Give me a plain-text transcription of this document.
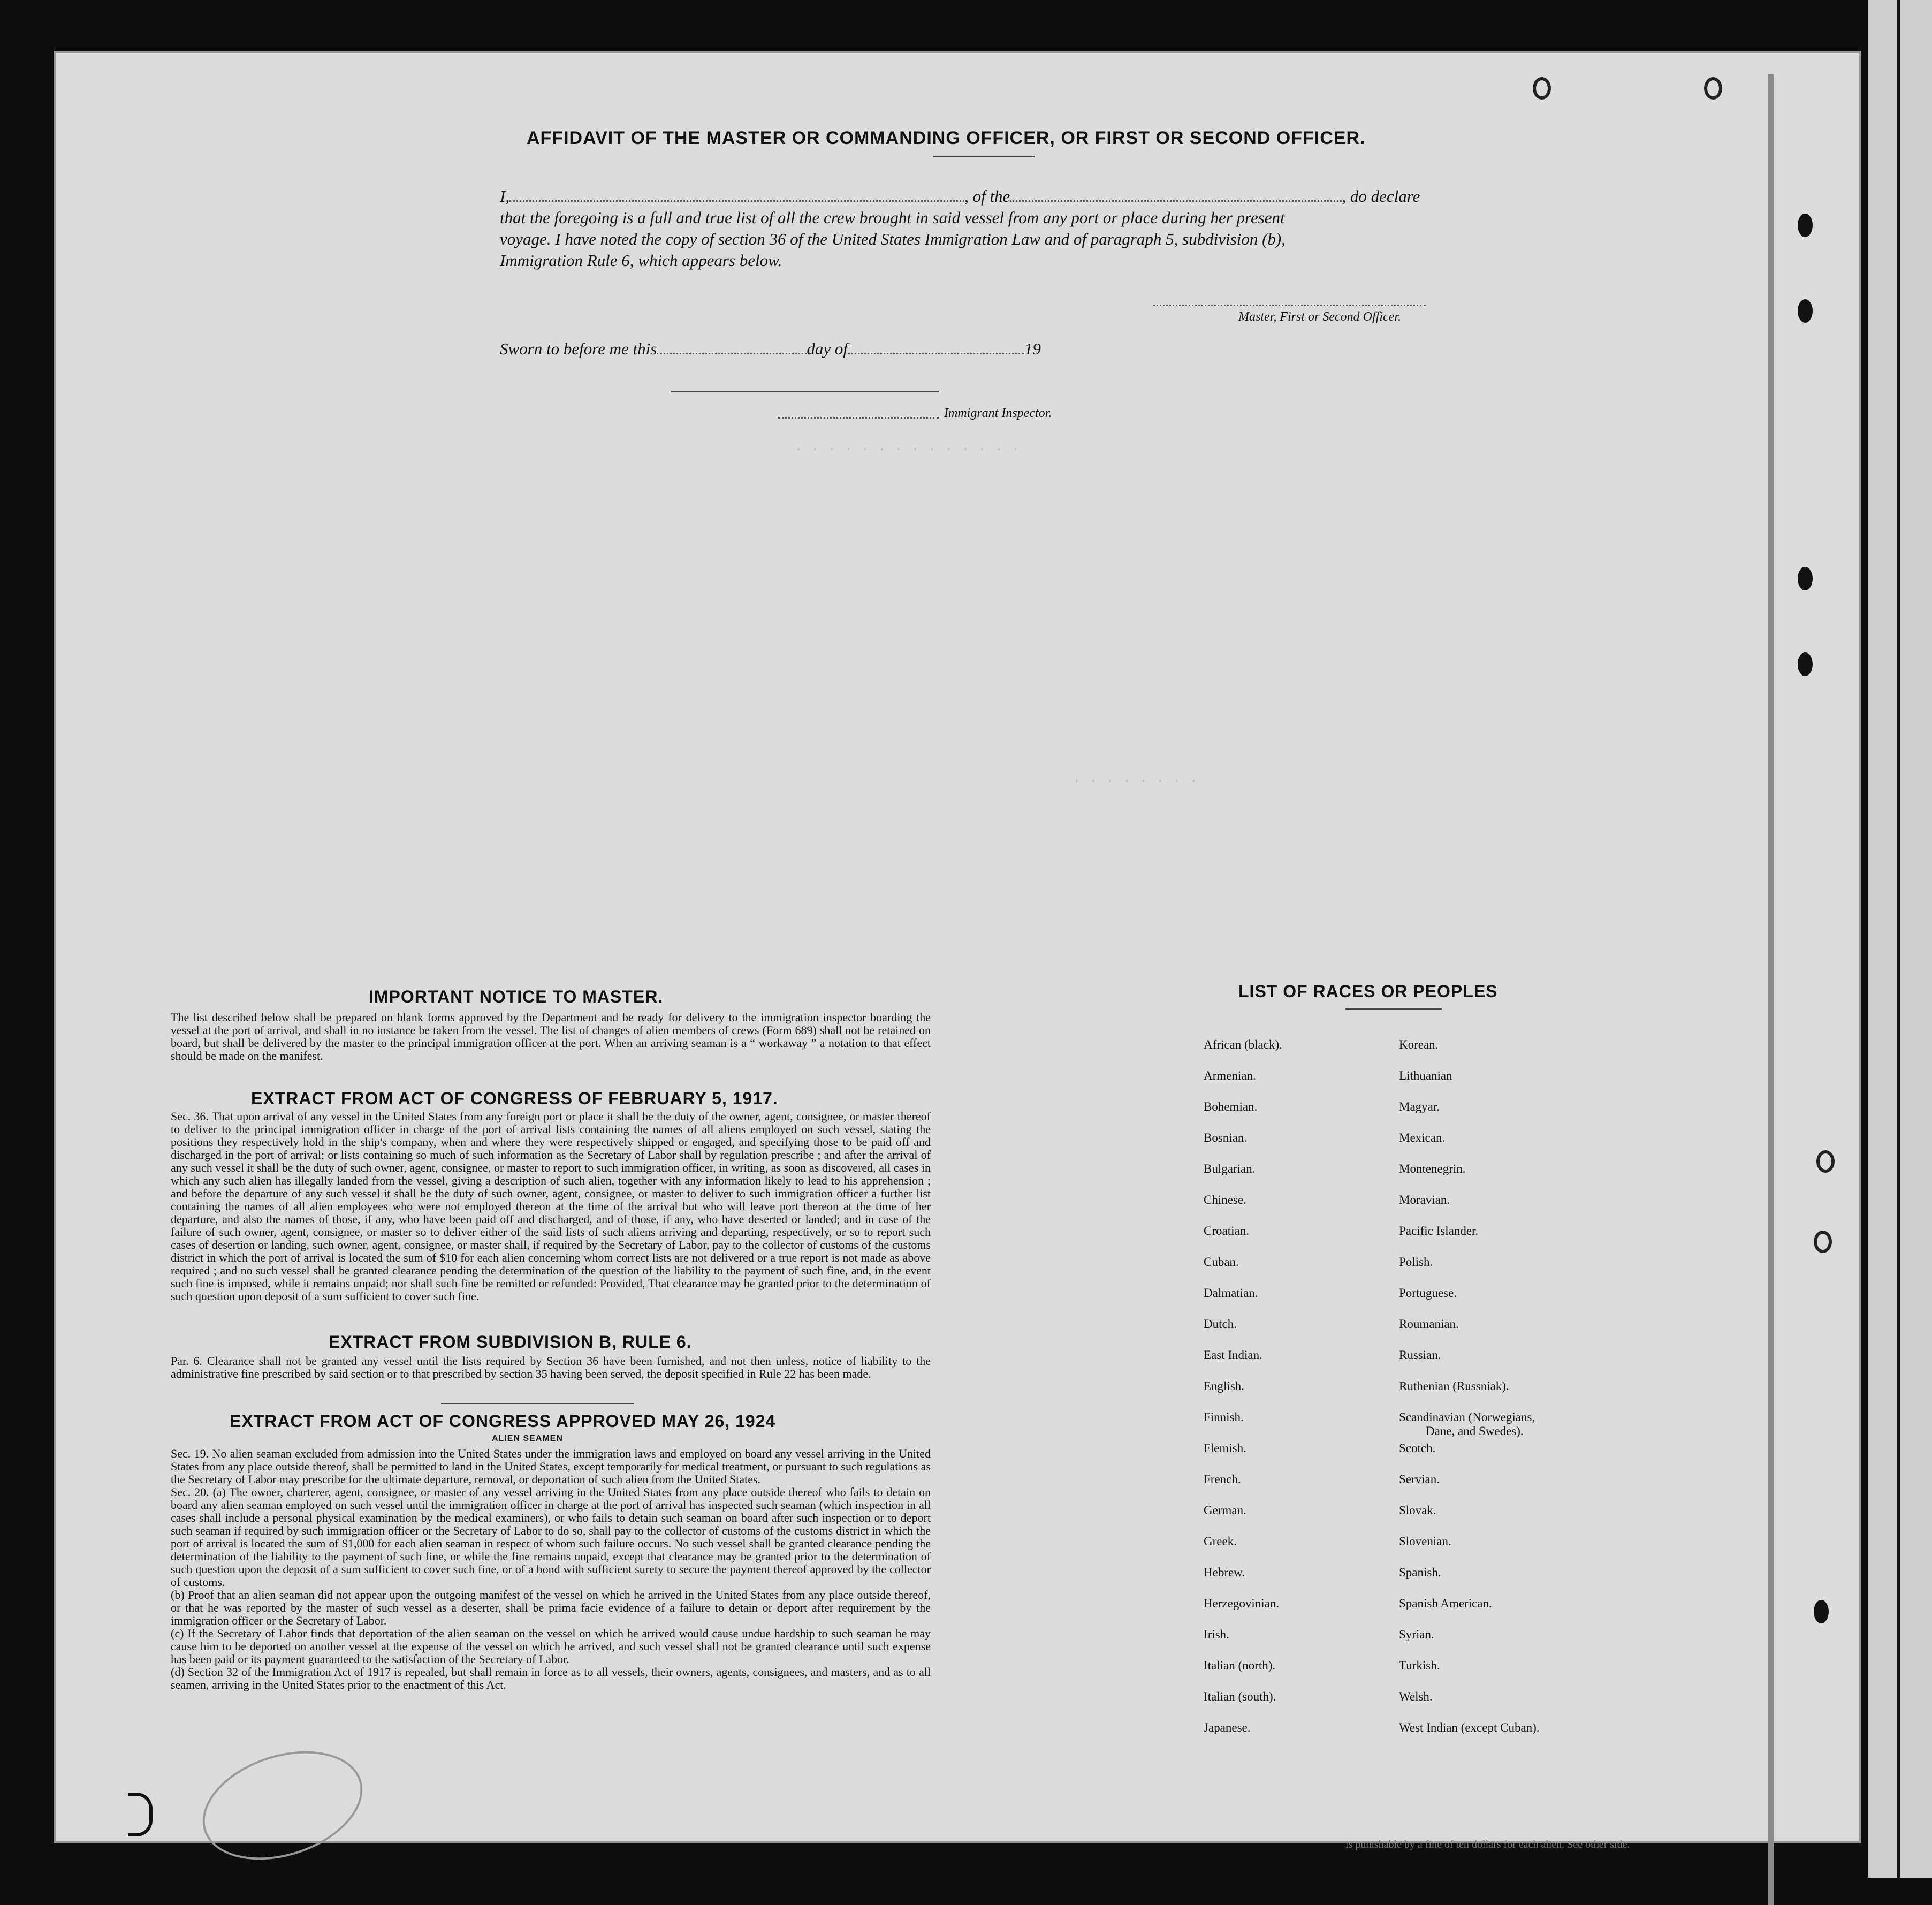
. . . . . . . . . . . . . .
. . . . . . . .
AFFIDAVIT OF THE MASTER OR COMMANDING OFFICER, OR FIRST OR SECOND OFFICER.
I,	, of the	, do declare
that the foregoing is a full and true list of all the crew brought in said vessel from any port or place during her present
voyage. I have noted the copy of section 36 of the United States Immigration Law and of paragraph 5, subdivision (b),
Immigration Rule 6, which appears below.
Master, First or Second Officer.
Sworn to before me this	day of	19
Immigrant Inspector.
IMPORTANT NOTICE TO MASTER.
The list described below shall be prepared on blank forms approved by the Department and be ready for delivery to the immigration inspector boarding the vessel at the port of arrival, and shall in no instance be taken from the vessel. The list of changes of alien members of crews (Form 689) shall not be retained on board, but shall be delivered by the master to the principal immigration officer at the port. When an arriving seaman is a “ workaway ” a notation to that effect should be made on the manifest.
EXTRACT FROM ACT OF CONGRESS OF FEBRUARY 5, 1917.
Sec. 36. That upon arrival of any vessel in the United States from any foreign port or place it shall be the duty of the owner, agent, consignee, or master thereof to deliver to the principal immigration officer in charge of the port of arrival lists containing the names of all aliens employed on such vessel, stating the positions they respectively hold in the ship's company, when and where they were respectively shipped or engaged, and specifying those to be paid off and discharged in the port of arrival; or lists containing so much of such information as the Secretary of Labor shall by regulation prescribe ; and after the arrival of any such vessel it shall be the duty of such owner, agent, consignee, or master to report to such immigration officer, in writing, as soon as discovered, all cases in which any such alien has illegally landed from the vessel, giving a description of such alien, together with any information likely to lead to his apprehension ; and before the departure of any such vessel it shall be the duty of such owner, agent, consignee, or master to deliver to such immigration officer a further list containing the names of all alien employees who were not employed thereon at the time of the arrival but who will leave port thereon at the time of her departure, and also the names of those, if any, who have been paid off and discharged, and of those, if any, who have deserted or landed; and in case of the failure of such owner, agent, consignee, or master so to deliver either of the said lists of such aliens arriving and departing, respectively, or so to report such cases of desertion or landing, such owner, agent, consignee, or master shall, if required by the Secretary of Labor, pay to the collector of customs of the customs district in which the port of arrival is located the sum of $10 for each alien concerning whom correct lists are not delivered or a true report is not made as above required ; and no such vessel shall be granted clearance pending the determination of the question of the liability to the payment of such fine, and, in the event such fine is imposed, while it remains unpaid; nor shall such fine be remitted or refunded: Provided, That clearance may be granted prior to the determination of such question upon deposit of a sum sufficient to cover such fine.
EXTRACT FROM SUBDIVISION B, RULE 6.
Par. 6. Clearance shall not be granted any vessel until the lists required by Section 36 have been furnished, and not then unless, notice of liability to the administrative fine prescribed by said section or to that prescribed by section 35 having been served, the deposit specified in Rule 22 has been made.
EXTRACT FROM ACT OF CONGRESS APPROVED MAY 26, 1924
ALIEN SEAMEN

Sec. 19. No alien seaman excluded from admission into the United States under the immigration laws and employed on board any vessel arriving in the United States from any place outside thereof, shall be permitted to land in the United States, except temporarily for medical treatment, or pursuant to such regulations as the Secretary of Labor may prescribe for the ultimate departure, removal, or deportation of such alien from the United States.

Sec. 20. (a) The owner, charterer, agent, consignee, or master of any vessel arriving in the United States from any place outside thereof who fails to detain on board any alien seaman employed on such vessel until the immigration officer in charge at the port of arrival has inspected such seaman (which inspection in all cases shall include a personal physical examination by the medical examiners), or who fails to detain such seaman on board after such inspection or to deport such seaman if required by such immigration officer or the Secretary of Labor to do so, shall pay to the collector of customs of the customs district in which the port of arrival is located the sum of $1,000 for each alien seaman in respect of whom such failure occurs. No such vessel shall be granted clearance pending the determination of the liability to the payment of such fine, or while the fine remains unpaid, except that clearance may be granted prior to the determination of such question upon the deposit of a sum sufficient to cover such fine, or of a bond with sufficient surety to secure the payment thereof approved by the collector of customs.

(b) Proof that an alien seaman did not appear upon the outgoing manifest of the vessel on which he arrived in the United States from any place outside thereof, or that he was reported by the master of such vessel as a deserter, shall be prima facie evidence of a failure to detain or deport after requirement by the immigration officer or the Secretary of Labor.

(c) If the Secretary of Labor finds that deportation of the alien seaman on the vessel on which he arrived would cause undue hardship to such seaman he may cause him to be deported on another vessel at the expense of the vessel on which he arrived, and such vessel shall not be granted clearance until such expense has been paid or its payment guaranteed to the satisfaction of the Secretary of Labor.

(d) Section 32 of the Immigration Act of 1917 is repealed, but shall remain in force as to all vessels, their owners, agents, consignees, and masters, and as to all seamen, arriving in the United States prior to the enactment of this Act.

LIST OF RACES OR PEOPLES
African (black).
Armenian.
Bohemian.
Bosnian.
Bulgarian.
Chinese.
Croatian.
Cuban.
Dalmatian.
Dutch.
East Indian.
English.
Finnish.
Flemish.
French.
German.
Greek.
Hebrew.
Herzegovinian.
Irish.
Italian (north).
Italian (south).
Japanese.
Korean.
Lithuanian
Magyar.
Mexican.
Montenegrin.
Moravian.
Pacific Islander.
Polish.
Portuguese.
Roumanian.
Russian.
Ruthenian (Russniak).
Scandinavian (Norwegians,
Dane, and Swedes).
Scotch.
Servian.
Slovak.
Slovenian.
Spanish.
Spanish American.
Syrian.
Turkish.
Welsh.
West Indian (except Cuban).

5000. 8/29. 22/566.	is punishable by a fine of ten dollars for each alien. See other side.
